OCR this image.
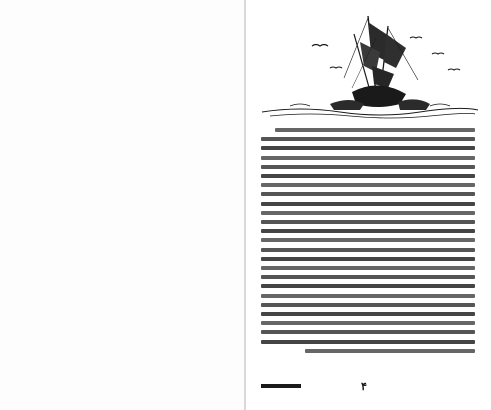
۴
